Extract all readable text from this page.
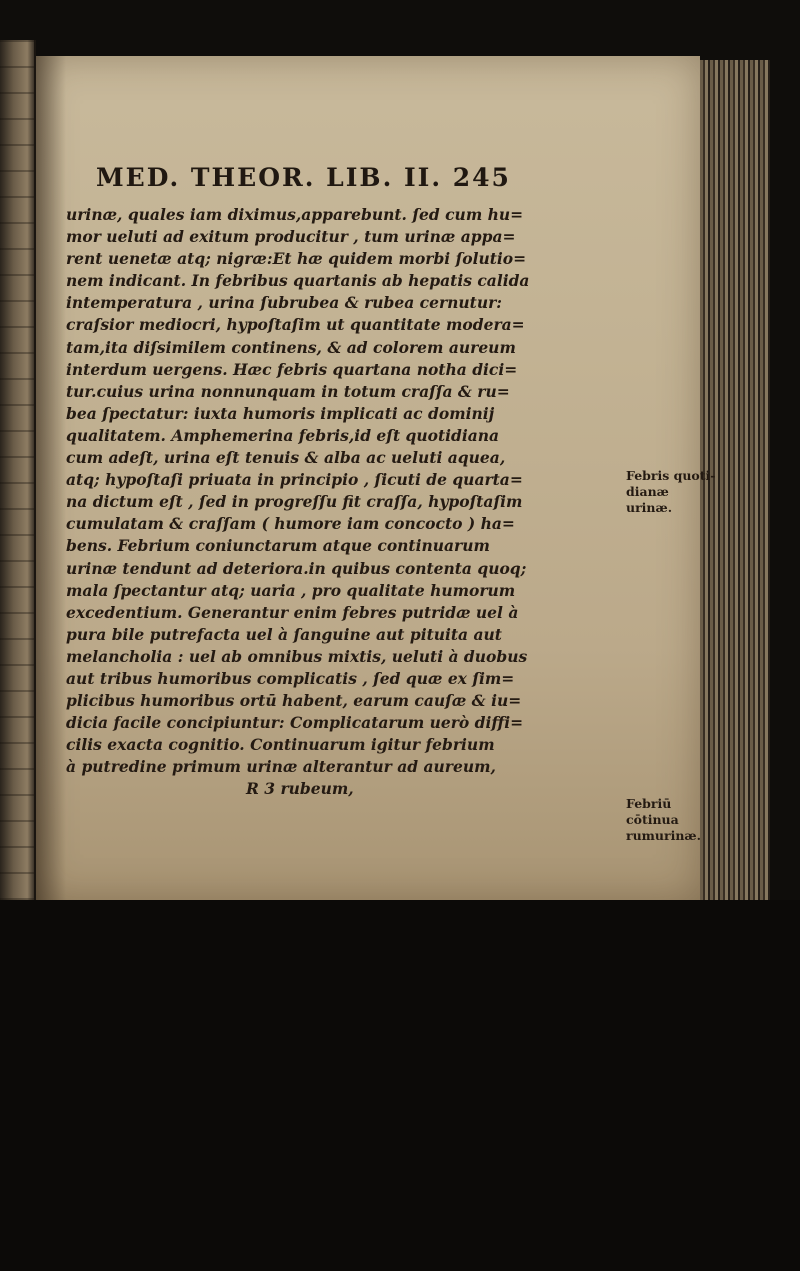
MED. THEOR. LIB. II. 245
urinæ, quales iam diximus,apparebunt. ſed cum hu=
mor ueluti ad exitum producitur , tum urinæ appa=
rent uenetæ atq; nigræ:Et hæ quidem morbi ſolutio=
nem indicant. In febribus quartanis ab hepatis calida
intemperatura , urina ſubrubea & rubea cernutur:
craſsior mediocri, hypoſtaſim ut quantitate modera=
tam,ita diſsimilem continens, & ad colorem aureum
interdum uergens. Hæc febris quartana notha dici=
tur.cuius urina nonnunquam in totum craſſa & ru=
bea ſpectatur: iuxta humoris implicati ac dominij
qualitatem. Amphemerina febris,id eſt quotidiana
cum adeſt, urina eſt tenuis & alba ac ueluti aquea,
atq; hypoſtaſi priuata in principio , ſicuti de quarta=
na dictum eſt , ſed in progreſſu fit craſſa, hypoſtaſim
cumulatam & craſſam ( humore iam concocto ) ha=
bens. Febrium coniunctarum atque continuarum
urinæ tendunt ad deteriora.in quibus contenta quoq;
mala ſpectantur atq; uaria , pro qualitate humorum
excedentium. Generantur enim febres putridæ uel à
pura bile putrefacta uel à ſanguine aut pituita aut
melancholia : uel ab omnibus mixtis, ueluti à duobus
aut tribus humoribus complicatis , ſed quæ ex ſim=
plicibus humoribus ortū habent, earum cauſæ & iu=
dicia facile concipiuntur: Complicatarum uerò diffi=
cilis exacta cognitio. Continuarum igitur febrium
à putredine primum urinæ alterantur ad aureum,
R 3 rubeum,
Febris quoti-
dianæ urinæ.
Febriū cōtinua
rumurinæ.
